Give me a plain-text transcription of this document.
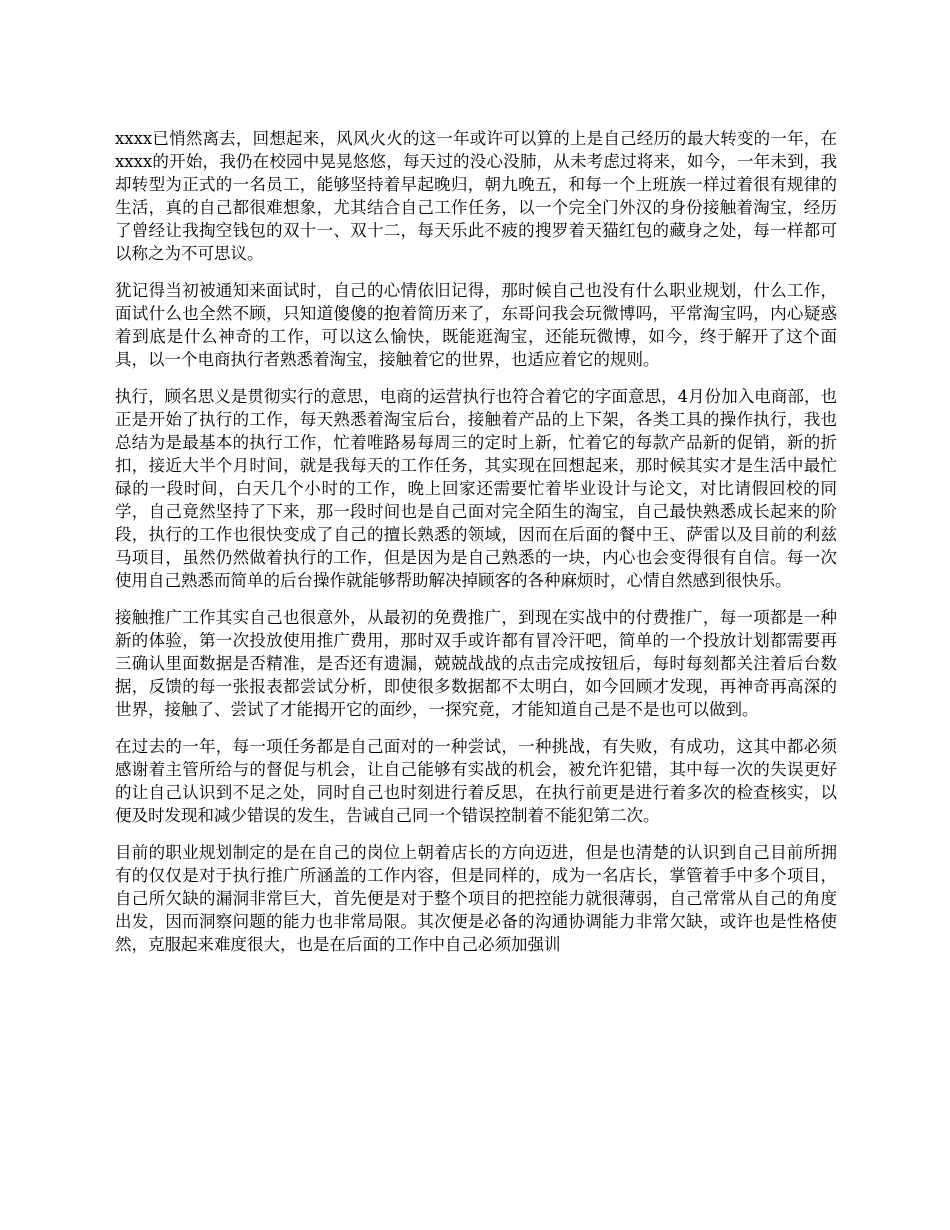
xxxx已悄然离去，回想起来，风风火火的这一年或许可以算的上是自己经历的最大转变的一年，在xxxx的开始，我仍在校园中晃晃悠悠，每天过的没心没肺，从未考虑过将来，如今，一年未到，我却转型为正式的一名员工，能够坚持着早起晚归，朝九晚五，和每一个上班族一样过着很有规律的生活，真的自己都很难想象，尤其结合自己工作任务，以一个完全门外汉的身份接触着淘宝，经历了曾经让我掏空钱包的双十一、双十二，每天乐此不疲的搜罗着天猫红包的藏身之处，每一样都可以称之为不可思议。

犹记得当初被通知来面试时，自己的心情依旧记得，那时候自己也没有什么职业规划，什么工作，面试什么也全然不顾，只知道傻傻的抱着简历来了，东哥问我会玩微博吗，平常淘宝吗，内心疑惑着到底是什么神奇的工作，可以这么愉快，既能逛淘宝，还能玩微博，如今，终于解开了这个面具，以一个电商执行者熟悉着淘宝，接触着它的世界，也适应着它的规则。

执行，顾名思义是贯彻实行的意思，电商的运营执行也符合着它的字面意思，4月份加入电商部，也正是开始了执行的工作，每天熟悉着淘宝后台，接触着产品的上下架，各类工具的操作执行，我也总结为是最基本的执行工作，忙着唯路易每周三的定时上新，忙着它的每款产品新的促销，新的折扣，接近大半个月时间，就是我每天的工作任务，其实现在回想起来，那时候其实才是生活中最忙碌的一段时间，白天几个小时的工作，晚上回家还需要忙着毕业设计与论文，对比请假回校的同学，自己竟然坚持了下来，那一段时间也是自己面对完全陌生的淘宝，自己最快熟悉成长起来的阶段，执行的工作也很快变成了自己的擅长熟悉的领域，因而在后面的餐中王、萨雷以及目前的利兹马项目，虽然仍然做着执行的工作，但是因为是自己熟悉的一块，内心也会变得很有自信。每一次使用自己熟悉而简单的后台操作就能够帮助解决掉顾客的各种麻烦时，心情自然感到很快乐。

接触推广工作其实自己也很意外，从最初的免费推广，到现在实战中的付费推广，每一项都是一种新的体验，第一次投放使用推广费用，那时双手或许都有冒冷汗吧，简单的一个投放计划都需要再三确认里面数据是否精准，是否还有遗漏，兢兢战战的点击完成按钮后，每时每刻都关注着后台数据，反馈的每一张报表都尝试分析，即使很多数据都不太明白，如今回顾才发现，再神奇再高深的世界，接触了、尝试了才能揭开它的面纱，一探究竟，才能知道自己是不是也可以做到。

在过去的一年，每一项任务都是自己面对的一种尝试，一种挑战，有失败，有成功，这其中都必须感谢着主管所给与的督促与机会，让自己能够有实战的机会，被允许犯错，其中每一次的失误更好的让自己认识到不足之处，同时自己也时刻进行着反思，在执行前更是进行着多次的检查核实，以便及时发现和减少错误的发生，告诫自己同一个错误控制着不能犯第二次。

目前的职业规划制定的是在自己的岗位上朝着店长的方向迈进，但是也清楚的认识到自己目前所拥有的仅仅是对于执行推广所涵盖的工作内容，但是同样的，成为一名店长，掌管着手中多个项目，自己所欠缺的漏洞非常巨大，首先便是对于整个项目的把控能力就很薄弱，自己常常从自己的角度出发，因而洞察问题的能力也非常局限。其次便是必备的沟通协调能力非常欠缺，或许也是性格使然，克服起来难度很大，也是在后面的工作中自己必须加强训
